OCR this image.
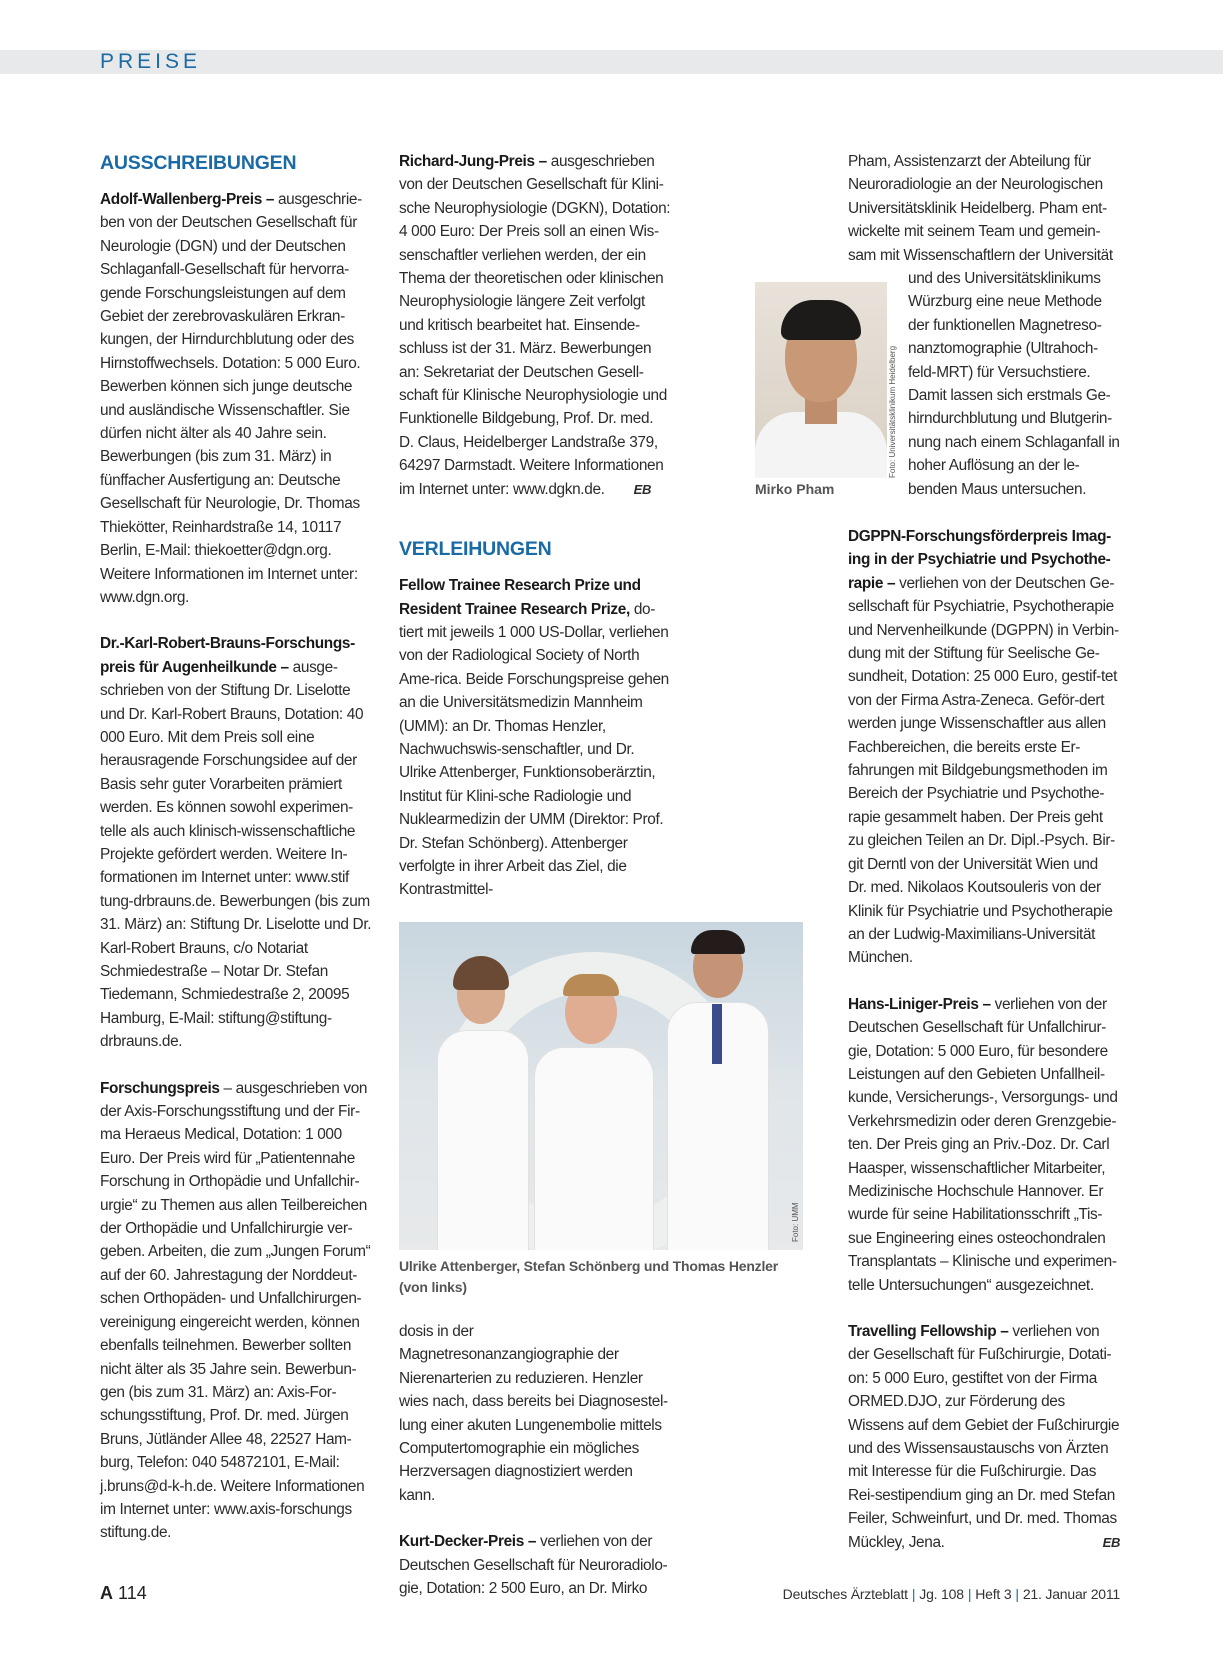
PREISE
AUSSCHREIBUNGEN

Adolf-Wallenberg-Preis – ausgeschrie-ben von der Deutschen Gesellschaft für Neurologie (DGN) und der Deutschen Schlaganfall-Gesellschaft für hervorra-gende Forschungsleistungen auf dem Gebiet der zerebrovaskulären Erkran-kungen, der Hirndurchblutung oder des Hirnstoffwechsels. Dotation: 5 000 Euro. Bewerben können sich junge deutsche und ausländische Wissenschaftler. Sie dürfen nicht älter als 40 Jahre sein. Bewerbungen (bis zum 31. März) in fünffacher Ausfertigung an: Deutsche Gesellschaft für Neurologie, Dr. Thomas Thiekötter, Reinhardstraße 14, 10117 Berlin, E-Mail: thiekoetter@dgn.org. Weitere Informationen im Internet unter: www.dgn.org.

Dr.-Karl-Robert-Brauns-Forschungs-preis für Augenheilkunde – ausge-schrieben von der Stiftung Dr. Liselotte und Dr. Karl-Robert Brauns, Dotation: 40 000 Euro. Mit dem Preis soll eine herausragende Forschungsidee auf der Basis sehr guter Vorarbeiten prämiert werden. Es können sowohl experimen-telle als auch klinisch-wissenschaftliche Projekte gefördert werden. Weitere In-formationen im Internet unter: www.stif tung-drbrauns.de. Bewerbungen (bis zum 31. März) an: Stiftung Dr. Liselotte und Dr. Karl-Robert Brauns, c/o Notariat Schmiedestraße – Notar Dr. Stefan Tiedemann, Schmiedestraße 2, 20095 Hamburg, E-Mail: stiftung@stiftung-drbrauns.de.

Forschungspreis – ausgeschrieben von der Axis-Forschungsstiftung und der Fir-ma Heraeus Medical, Dotation: 1 000 Euro. Der Preis wird für „Patientennahe Forschung in Orthopädie und Unfallchir-urgie“ zu Themen aus allen Teilbereichen der Orthopädie und Unfallchirurgie ver-geben. Arbeiten, die zum „Jungen Forum“ auf der 60. Jahrestagung der Norddeut-schen Orthopäden- und Unfallchirurgen-vereinigung eingereicht werden, können ebenfalls teilnehmen. Bewerber sollten nicht älter als 35 Jahre sein. Bewerbun-gen (bis zum 31. März) an: Axis-For-schungsstiftung, Prof. Dr. med. Jürgen Bruns, Jütländer Allee 48, 22527 Ham-burg, Telefon: 040 54872101, E-Mail: j.bruns@d-k-h.de. Weitere Informationen im Internet unter: www.axis-forschungs stiftung.de.

Richard-Jung-Preis – ausgeschrieben von der Deutschen Gesellschaft für Klini-sche Neurophysiologie (DGKN), Dotation: 4 000 Euro: Der Preis soll an einen Wis-senschaftler verliehen werden, der ein Thema der theoretischen oder klinischen Neurophysiologie längere Zeit verfolgt und kritisch bearbeitet hat. Einsende-schluss ist der 31. März. Bewerbungen an: Sekretariat der Deutschen Gesell-schaft für Klinische Neurophysiologie und Funktionelle Bildgebung, Prof. Dr. med. D. Claus, Heidelberger Landstraße 379, 64297 Darmstadt. Weitere Informationen im Internet unter: www.dgkn.de. EB

VERLEIHUNGEN

Fellow Trainee Research Prize und Resident Trainee Research Prize, do-tiert mit jeweils 1 000 US-Dollar, verliehen von der Radiological Society of North Ame-rica. Beide Forschungspreise gehen an die Universitätsmedizin Mannheim (UMM): an Dr. Thomas Henzler, Nachwuchswis-senschaftler, und Dr. Ulrike Attenberger, Funktionsoberärztin, Institut für Klini-sche Radiologie und Nuklearmedizin der UMM (Direktor: Prof. Dr. Stefan Schönberg). Attenberger verfolgte in ihrer Arbeit das Ziel, die Kontrastmittel-

Foto: UMM
Ulrike Attenberger, Stefan Schönberg und Thomas Henzler (von links)

dosis in der Magnetresonanzangiographie der Nierenarterien zu reduzieren. Henzler wies nach, dass bereits bei Diagnosestel-lung einer akuten Lungenembolie mittels Computertomographie ein mögliches Herzversagen diagnostiziert werden kann.

Kurt-Decker-Preis – verliehen von der Deutschen Gesellschaft für Neuroradiolo-gie, Dotation: 2 500 Euro, an Dr. Mirko

Pham, Assistenzarzt der Abteilung für Neuroradiologie an der Neurologischen Universitätsklinik Heidelberg. Pham ent-wickelte mit seinem Team und gemein-sam mit Wissenschaftlern der Universität
Foto: Universitätsklinikum Heidelberg
Mirko Pham
und des Universitätsklinikums Würzburg eine neue Methode der funktionellen Magnetreso-nanztomographie (Ultrahoch-feld-MRT) für Versuchstiere. Damit lassen sich erstmals Ge-hirndurchblutung und Blutgerin-nung nach einem Schlaganfall in hoher Auflösung an der le-benden Maus untersuchen.

DGPPN-Forschungsförderpreis Imag-ing in der Psychiatrie und Psychothe-rapie – verliehen von der Deutschen Ge-sellschaft für Psychiatrie, Psychotherapie und Nervenheilkunde (DGPPN) in Verbin-dung mit der Stiftung für Seelische Ge-sundheit, Dotation: 25 000 Euro, gestif-tet von der Firma Astra-Zeneca. Geför-dert werden junge Wissenschaftler aus allen Fachbereichen, die bereits erste Er-fahrungen mit Bildgebungsmethoden im Bereich der Psychiatrie und Psychothe-rapie gesammelt haben. Der Preis geht zu gleichen Teilen an Dr. Dipl.-Psych. Bir-git Derntl von der Universität Wien und Dr. med. Nikolaos Koutsouleris von der Klinik für Psychiatrie und Psychotherapie an der Ludwig-Maximilians-Universität München.

Hans-Liniger-Preis – verliehen von der Deutschen Gesellschaft für Unfallchirur-gie, Dotation: 5 000 Euro, für besondere Leistungen auf den Gebieten Unfallheil-kunde, Versicherungs-, Versorgungs- und Verkehrsmedizin oder deren Grenzgebie-ten. Der Preis ging an Priv.-Doz. Dr. Carl Haasper, wissenschaftlicher Mitarbeiter, Medizinische Hochschule Hannover. Er wurde für seine Habilitationsschrift „Tis-sue Engineering eines osteochondralen Transplantats – Klinische und experimen-telle Untersuchungen“ ausgezeichnet.

Travelling Fellowship – verliehen von der Gesellschaft für Fußchirurgie, Dotati-on: 5 000 Euro, gestiftet von der Firma ORMED.DJO, zur Förderung des Wissens auf dem Gebiet der Fußchirurgie und des Wissensaustauschs von Ärzten mit Interesse für die Fußchirurgie. Das Rei-sestipendium ging an Dr. med Stefan Feiler, Schweinfurt, und Dr. med. Thomas Mückley, Jena.	EB

A 114	Deutsches Ärzteblatt | Jg. 108 | Heft 3 | 21. Januar 2011
